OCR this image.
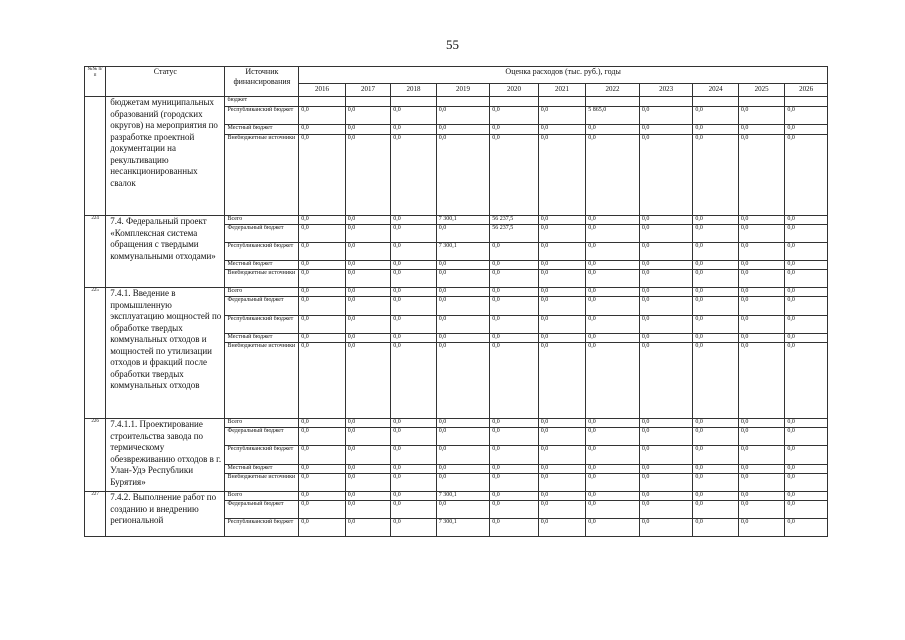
55
№№ п/п	Статус	Источник финансирования	Оценка расходов (тыс. руб.), годы										
			2016	2017	2018	2019	2020	2021	2022	2023	2024	2025	2026
	бюджетам муниципальных образований (городских округов) на мероприятия по разработке проектной документации на рекультивацию несанкционированных свалок	бюджет											
		Республиканский бюджет	0,0	0,0	0,0	0,0	0,0	0,0	5 865,0	0,0	0,0	0,0	0,0
		Местный бюджет	0,0	0,0	0,0	0,0	0,0	0,0	0,0	0,0	0,0	0,0	0,0
		Внебюджетные источники	0,0	0,0	0,0	0,0	0,0	0,0	0,0	0,0	0,0	0,0	0,0
224	7.4. Федеральный проект «Комплексная система обращения с твердыми коммунальными отходами»	Всего	0,0	0,0	0,0	7 300,1	56 237,5	0,0	0,0	0,0	0,0	0,0	0,0
		Федеральный бюджет	0,0	0,0	0,0	0,0	56 237,5	0,0	0,0	0,0	0,0	0,0	0,0
		Республиканский бюджет	0,0	0,0	0,0	7 300,1	0,0	0,0	0,0	0,0	0,0	0,0	0,0
		Местный бюджет	0,0	0,0	0,0	0,0	0,0	0,0	0,0	0,0	0,0	0,0	0,0
		Внебюджетные источники	0,0	0,0	0,0	0,0	0,0	0,0	0,0	0,0	0,0	0,0	0,0
225	7.4.1. Введение в промышленную эксплуатацию мощностей по обработке твердых коммунальных отходов и мощностей по утилизации отходов и фракций после обработки твердых коммунальных отходов	Всего	0,0	0,0	0,0	0,0	0,0	0,0	0,0	0,0	0,0	0,0	0,0
		Федеральный бюджет	0,0	0,0	0,0	0,0	0,0	0,0	0,0	0,0	0,0	0,0	0,0
		Республиканский бюджет	0,0	0,0	0,0	0,0	0,0	0,0	0,0	0,0	0,0	0,0	0,0
		Местный бюджет	0,0	0,0	0,0	0,0	0,0	0,0	0,0	0,0	0,0	0,0	0,0
		Внебюджетные источники	0,0	0,0	0,0	0,0	0,0	0,0	0,0	0,0	0,0	0,0	0,0
226	7.4.1.1. Проектирование строительства завода по термическому обезвреживанию отходов в г. Улан-Удэ Республики Бурятия»	Всего	0,0	0,0	0,0	0,0	0,0	0,0	0,0	0,0	0,0	0,0	0,0
		Федеральный бюджет	0,0	0,0	0,0	0,0	0,0	0,0	0,0	0,0	0,0	0,0	0,0
		Республиканский бюджет	0,0	0,0	0,0	0,0	0,0	0,0	0,0	0,0	0,0	0,0	0,0
		Местный бюджет	0,0	0,0	0,0	0,0	0,0	0,0	0,0	0,0	0,0	0,0	0,0
		Внебюджетные источники	0,0	0,0	0,0	0,0	0,0	0,0	0,0	0,0	0,0	0,0	0,0
227	7.4.2. Выполнение работ по созданию и внедрению региональной	Всего	0,0	0,0	0,0	7 300,1	0,0	0,0	0,0	0,0	0,0	0,0	0,0
		Федеральный бюджет	0,0	0,0	0,0	0,0	0,0	0,0	0,0	0,0	0,0	0,0	0,0
		Республиканский бюджет	0,0	0,0	0,0	7 300,1	0,0	0,0	0,0	0,0	0,0	0,0	0,0
